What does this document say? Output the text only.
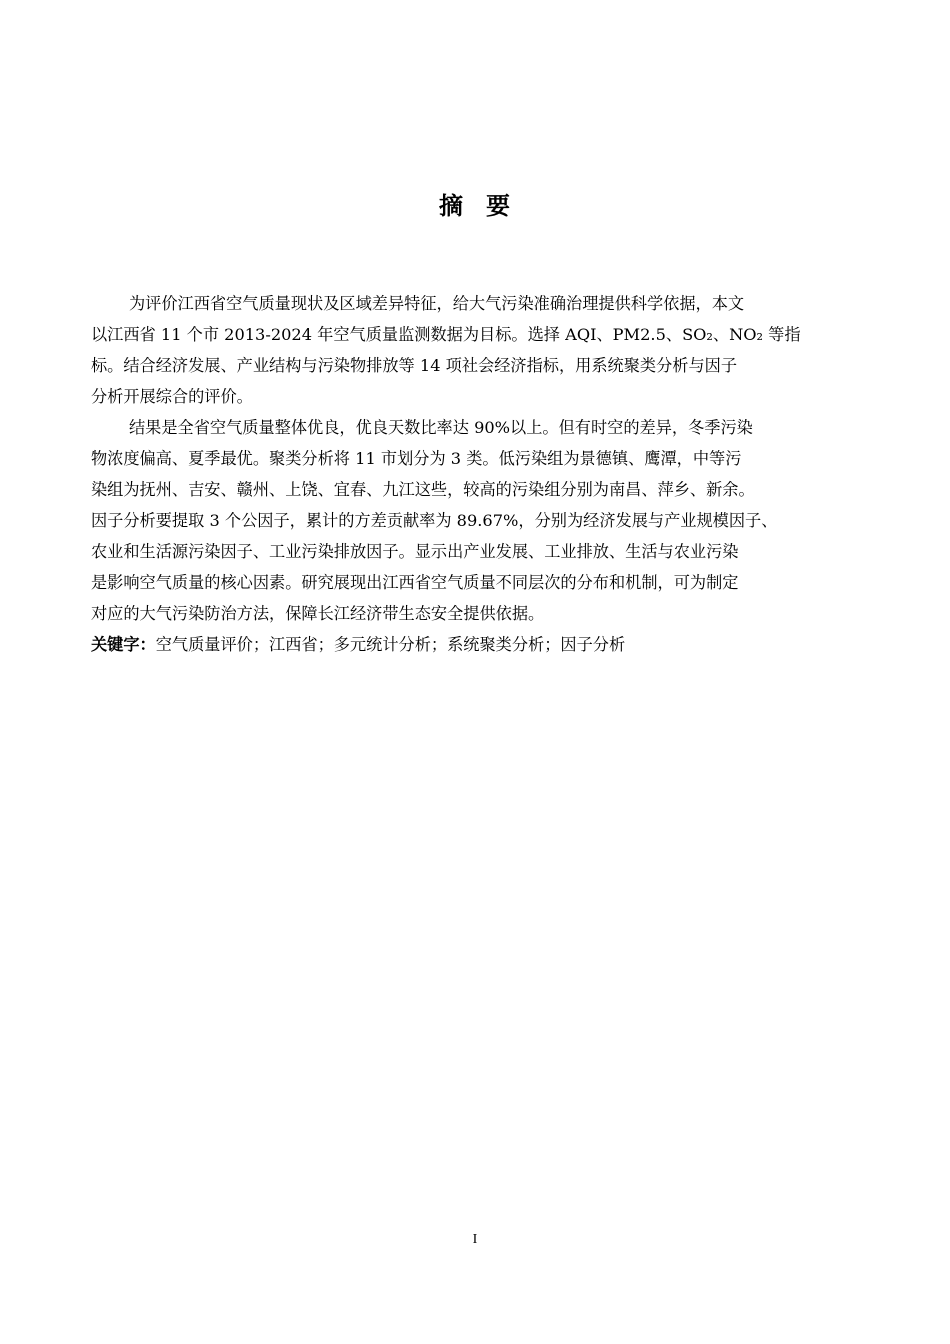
摘 要
为评价江西省空气质量现状及区域差异特征，给大气污染准确治理提供科学依据，本文
以江西省 11 个市 2013-2024 年空气质量监测数据为目标。选择 AQI、PM2.5、SO₂、NO₂ 等指
标。结合经济发展、产业结构与污染物排放等 14 项社会经济指标，用系统聚类分析与因子
分析开展综合的评价。
结果是全省空气质量整体优良，优良天数比率达 90%以上。但有时空的差异，冬季污染
物浓度偏高、夏季最优。聚类分析将 11 市划分为 3 类。低污染组为景德镇、鹰潭，中等污
染组为抚州、吉安、赣州、上饶、宜春、九江这些，较高的污染组分别为南昌、萍乡、新余。
因子分析要提取 3 个公因子，累计的方差贡献率为 89.67%，分别为经济发展与产业规模因子、
农业和生活源污染因子、工业污染排放因子。显示出产业发展、工业排放、生活与农业污染
是影响空气质量的核心因素。研究展现出江西省空气质量不同层次的分布和机制，可为制定
对应的大气污染防治方法，保障长江经济带生态安全提供依据。
关键字：空气质量评价；江西省；多元统计分析；系统聚类分析；因子分析
I
